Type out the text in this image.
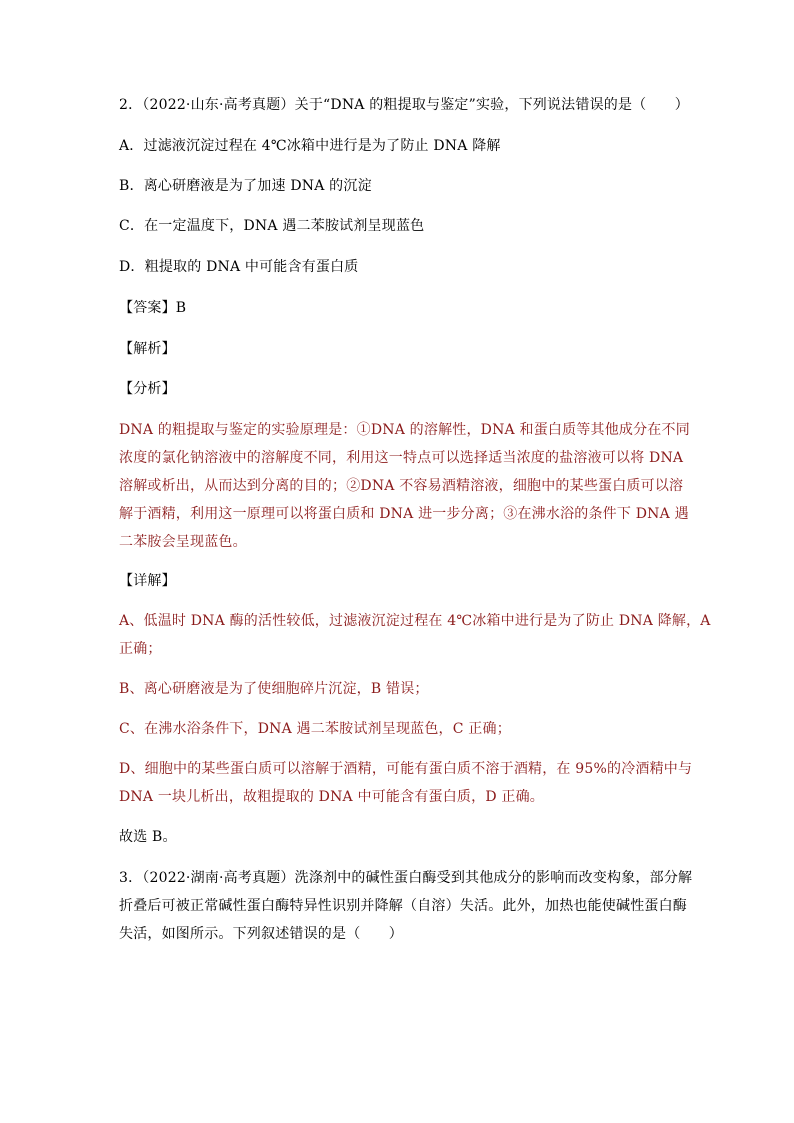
2．（2022·山东·高考真题）关于“DNA 的粗提取与鉴定”实验，下列说法错误的是（　　）
A．过滤液沉淀过程在 4℃冰箱中进行是为了防止 DNA 降解
B．离心研磨液是为了加速 DNA 的沉淀
C．在一定温度下，DNA 遇二苯胺试剂呈现蓝色
D．粗提取的 DNA 中可能含有蛋白质
【答案】B
【解析】
【分析】
DNA 的粗提取与鉴定的实验原理是：①DNA 的溶解性，DNA 和蛋白质等其他成分在不同
浓度的氯化钠溶液中的溶解度不同，利用这一特点可以选择适当浓度的盐溶液可以将 DNA
溶解或析出，从而达到分离的目的；②DNA 不容易酒精溶液，细胞中的某些蛋白质可以溶
解于酒精，利用这一原理可以将蛋白质和 DNA 进一步分离；③在沸水浴的条件下 DNA 遇
二苯胺会呈现蓝色。
【详解】
A、低温时 DNA 酶的活性较低，过滤液沉淀过程在 4℃冰箱中进行是为了防止 DNA 降解，A
正确；
B、离心研磨液是为了使细胞碎片沉淀，B 错误；
C、在沸水浴条件下，DNA 遇二苯胺试剂呈现蓝色，C 正确；
D、细胞中的某些蛋白质可以溶解于酒精，可能有蛋白质不溶于酒精，在 95%的冷酒精中与
DNA 一块儿析出，故粗提取的 DNA 中可能含有蛋白质，D 正确。
故选 B。
3．（2022·湖南·高考真题）洗涤剂中的碱性蛋白酶受到其他成分的影响而改变构象，部分解
折叠后可被正常碱性蛋白酶特异性识别并降解（自溶）失活。此外，加热也能使碱性蛋白酶
失活，如图所示。下列叙述错误的是（　　）
